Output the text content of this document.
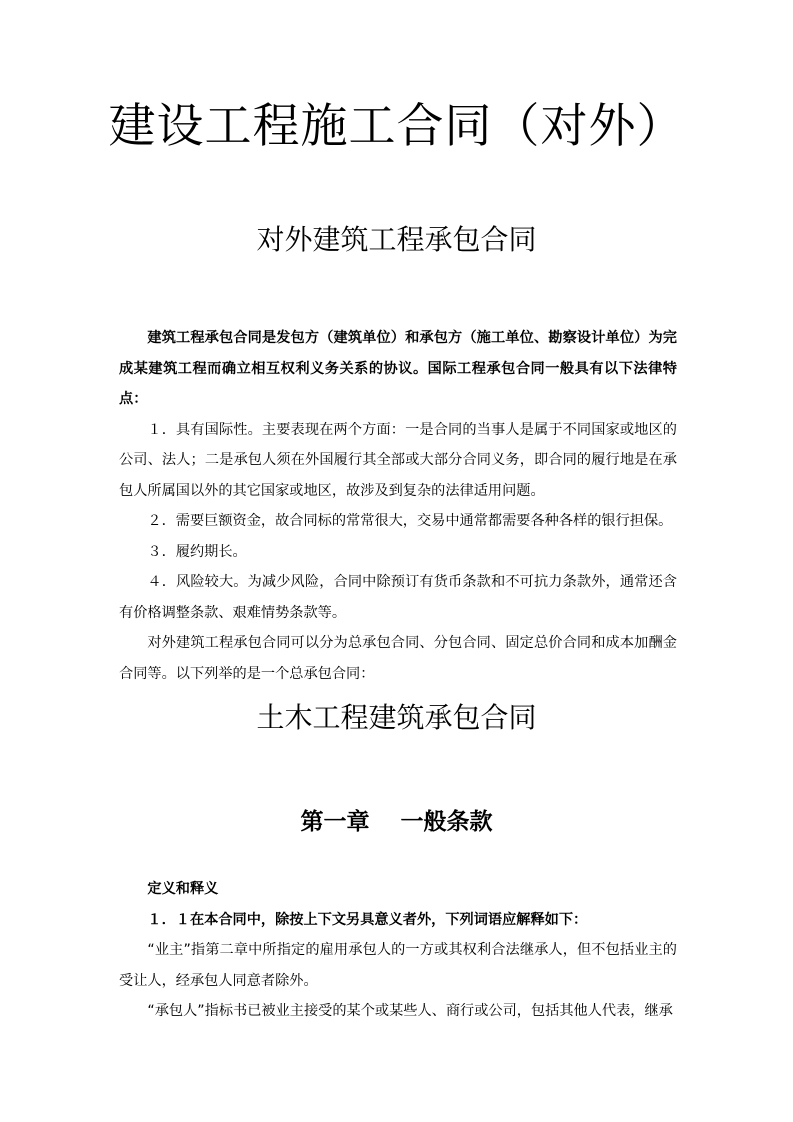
建设工程施工合同（对外）
对外建筑工程承包合同

建筑工程承包合同是发包方（建筑单位）和承包方（施工单位、勘察设计单位）为完成某建筑工程而确立相互权利义务关系的协议。国际工程承包合同一般具有以下法律特点：

１．具有国际性。主要表现在两个方面：一是合同的当事人是属于不同国家或地区的公司、法人；二是承包人须在外国履行其全部或大部分合同义务，即合同的履行地是在承包人所属国以外的其它国家或地区，故涉及到复杂的法律适用问题。

２．需要巨额资金，故合同标的常常很大，交易中通常都需要各种各样的银行担保。

３．履约期长。

４．风险较大。为减少风险，合同中除预订有货币条款和不可抗力条款外，通常还含有价格调整条款、艰难情势条款等。

对外建筑工程承包合同可以分为总承包合同、分包合同、固定总价合同和成本加酬金合同等。以下列举的是一个总承包合同：

土木工程建筑承包合同
第一章　 一般条款

定义和释义

１．１在本合同中，除按上下文另具意义者外，下列词语应解释如下：

“业主”指第二章中所指定的雇用承包人的一方或其权利合法继承人，但不包括业主的受让人，经承包人同意者除外。

“承包人”指标书已被业主接受的某个或某些人、商行或公司，包括其他人代表，继承
